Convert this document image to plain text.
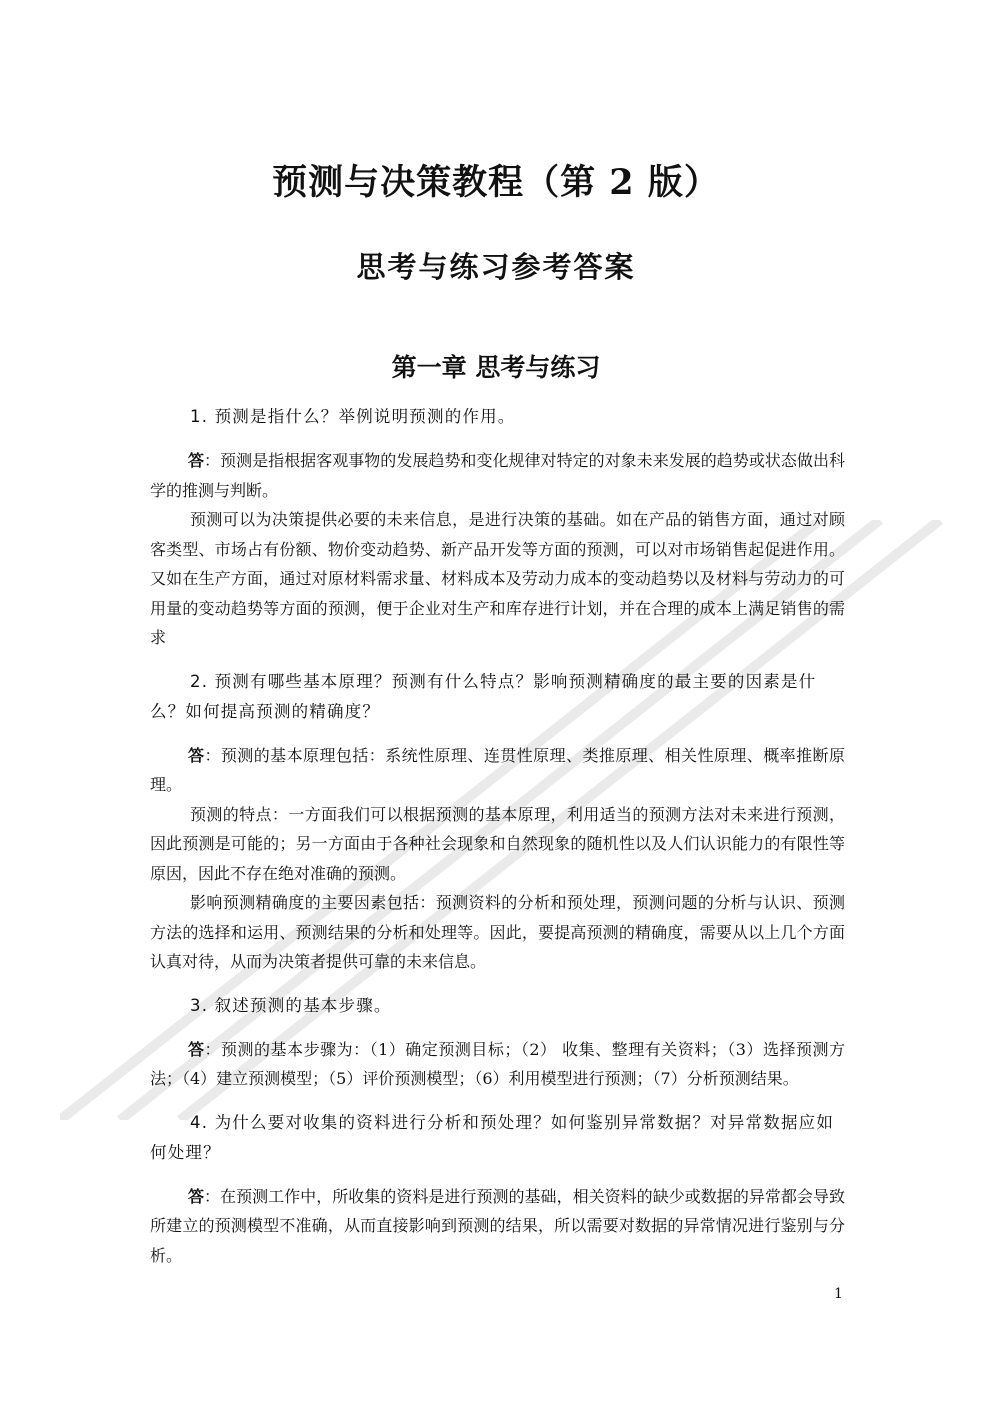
预测与决策教程（第 2 版）
思考与练习参考答案
第一章 思考与练习

1. 预测是指什么？举例说明预测的作用。

答：预测是指根据客观事物的发展趋势和变化规律对特定的对象未来发展的趋势或状态做出科学的推测与判断。

预测可以为决策提供必要的未来信息，是进行决策的基础。如在产品的销售方面，通过对顾客类型、市场占有份额、物价变动趋势、新产品开发等方面的预测，可以对市场销售起促进作用。又如在生产方面，通过对原材料需求量、材料成本及劳动力成本的变动趋势以及材料与劳动力的可用量的变动趋势等方面的预测，便于企业对生产和库存进行计划，并在合理的成本上满足销售的需求

2. 预测有哪些基本原理？预测有什么特点？影响预测精确度的最主要的因素是什么？如何提高预测的精确度？

答：预测的基本原理包括：系统性原理、连贯性原理、类推原理、相关性原理、概率推断原理。

预测的特点：一方面我们可以根据预测的基本原理，利用适当的预测方法对未来进行预测，因此预测是可能的；另一方面由于各种社会现象和自然现象的随机性以及人们认识能力的有限性等原因，因此不存在绝对准确的预测。

影响预测精确度的主要因素包括：预测资料的分析和预处理，预测问题的分析与认识、预测方法的选择和运用、预测结果的分析和处理等。因此，要提高预测的精确度，需要从以上几个方面认真对待，从而为决策者提供可靠的未来信息。

3. 叙述预测的基本步骤。

答：预测的基本步骤为：（1）确定预测目标；（2） 收集、整理有关资料；（3）选择预测方法；（4）建立预测模型；（5）评价预测模型；（6）利用模型进行预测；（7）分析预测结果。

4. 为什么要对收集的资料进行分析和预处理？如何鉴别异常数据？对异常数据应如何处理？

答：在预测工作中，所收集的资料是进行预测的基础，相关资料的缺少或数据的异常都会导致所建立的预测模型不准确，从而直接影响到预测的结果，所以需要对数据的异常情况进行鉴别与分析。

1
